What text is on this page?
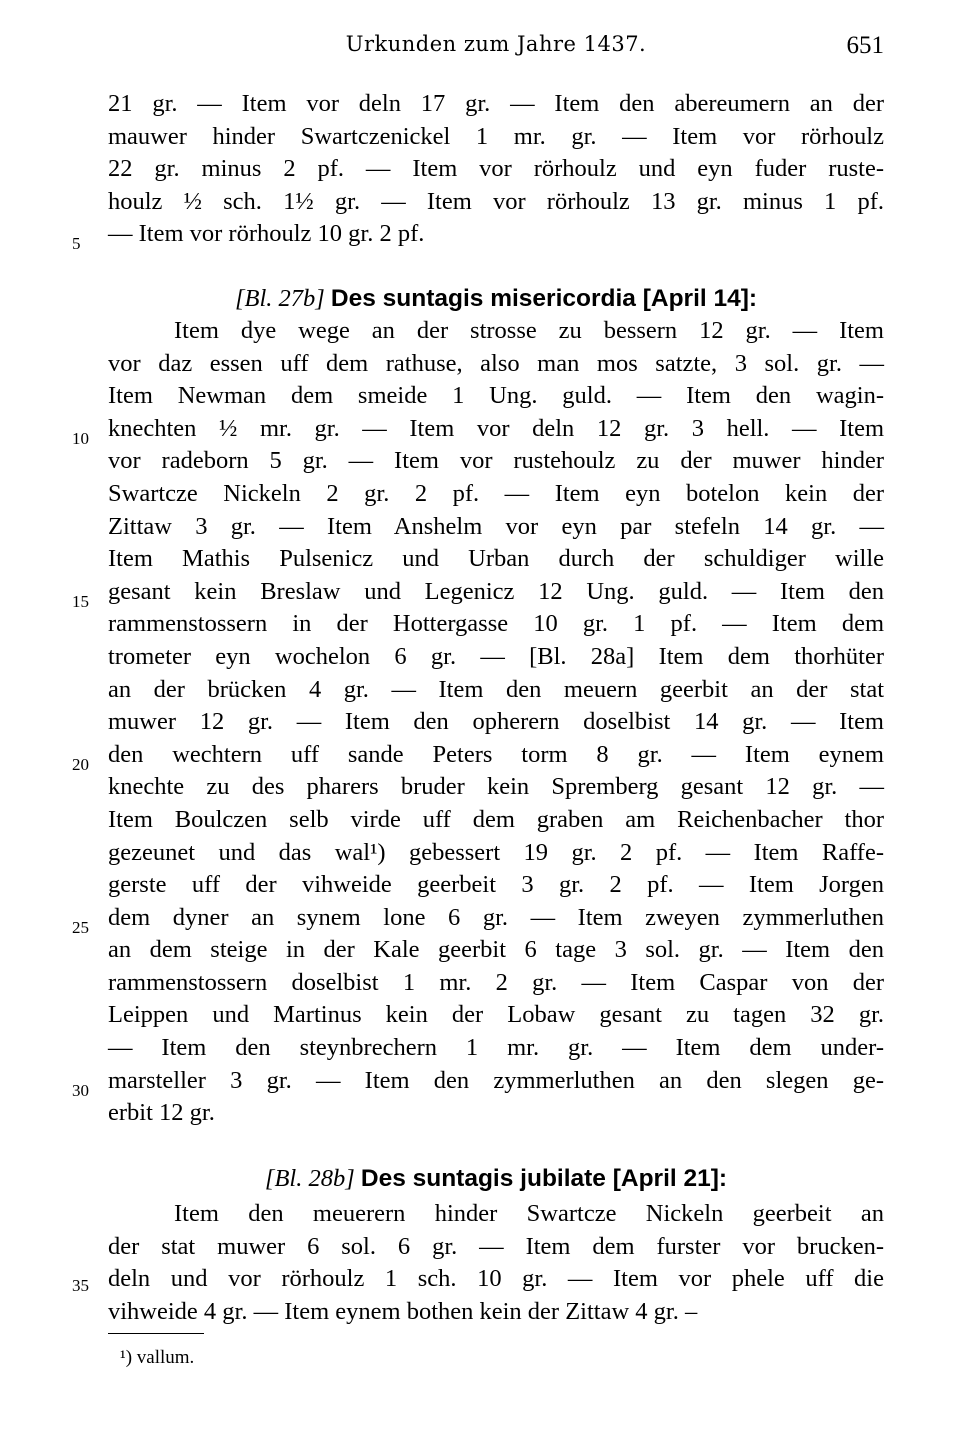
Urkunden zum Jahre 1437.	651
5
10
15
20
25
30
35
21 gr. — Item vor deln 17 gr. — Item den abereumern an der
mauwer hinder Swartczenickel 1 mr. gr. — Item vor rörhoulz
22 gr. minus 2 pf. — Item vor rörhoulz und eyn fuder ruste-
houlz ½ sch. 1½ gr. — Item vor rörhoulz 13 gr. minus 1 pf.
— Item vor rörhoulz 10 gr. 2 pf.
[Bl. 27b] Des suntagis misericordia [April 14]:
Item dye wege an der strosse zu bessern 12 gr. — Item
vor daz essen uff dem rathuse, also man mos satzte, 3 sol. gr. —
Item Newman dem smeide 1 Ung. guld. — Item den wagin-
knechten ½ mr. gr. — Item vor deln 12 gr. 3 hell. — Item
vor radeborn 5 gr. — Item vor rustehoulz zu der muwer hinder
Swartcze Nickeln 2 gr. 2 pf. — Item eyn botelon kein der
Zittaw 3 gr. — Item Anshelm vor eyn par stefeln 14 gr. —
Item Mathis Pulsenicz und Urban durch der schuldiger wille
gesant kein Breslaw und Legenicz 12 Ung. guld. — Item den
rammenstossern in der Hottergasse 10 gr. 1 pf. — Item dem
trometer eyn wochelon 6 gr. — [Bl. 28a] Item dem thorhüter
an der brücken 4 gr. — Item den meuern geerbit an der stat
muwer 12 gr. — Item den opherern doselbist 14 gr. — Item
den wechtern uff sande Peters torm 8 gr. — Item eynem
knechte zu des pharers bruder kein Spremberg gesant 12 gr. —
Item Boulczen selb virde uff dem graben am Reichenbacher thor
gezeunet und das wal¹) gebessert 19 gr. 2 pf. — Item Raffe-
gerste uff der vihweide geerbeit 3 gr. 2 pf. — Item Jorgen
dem dyner an synem lone 6 gr. — Item zweyen zymmerluthen
an dem steige in der Kale geerbit 6 tage 3 sol. gr. — Item den
rammenstossern doselbist 1 mr. 2 gr. — Item Caspar von der
Leippen und Martinus kein der Lobaw gesant zu tagen 32 gr.
— Item den steynbrechern 1 mr. gr. — Item dem under-
marsteller 3 gr. — Item den zymmerluthen an den slegen ge-
erbit 12 gr.
[Bl. 28b] Des suntagis jubilate [April 21]:
Item den meuerern hinder Swartcze Nickeln geerbeit an
der stat muwer 6 sol. 6 gr. — Item dem furster vor brucken-
deln und vor rörhoulz 1 sch. 10 gr. — Item vor phele uff die
vihweide 4 gr. — Item eynem bothen kein der Zittaw 4 gr. –
¹) vallum.
